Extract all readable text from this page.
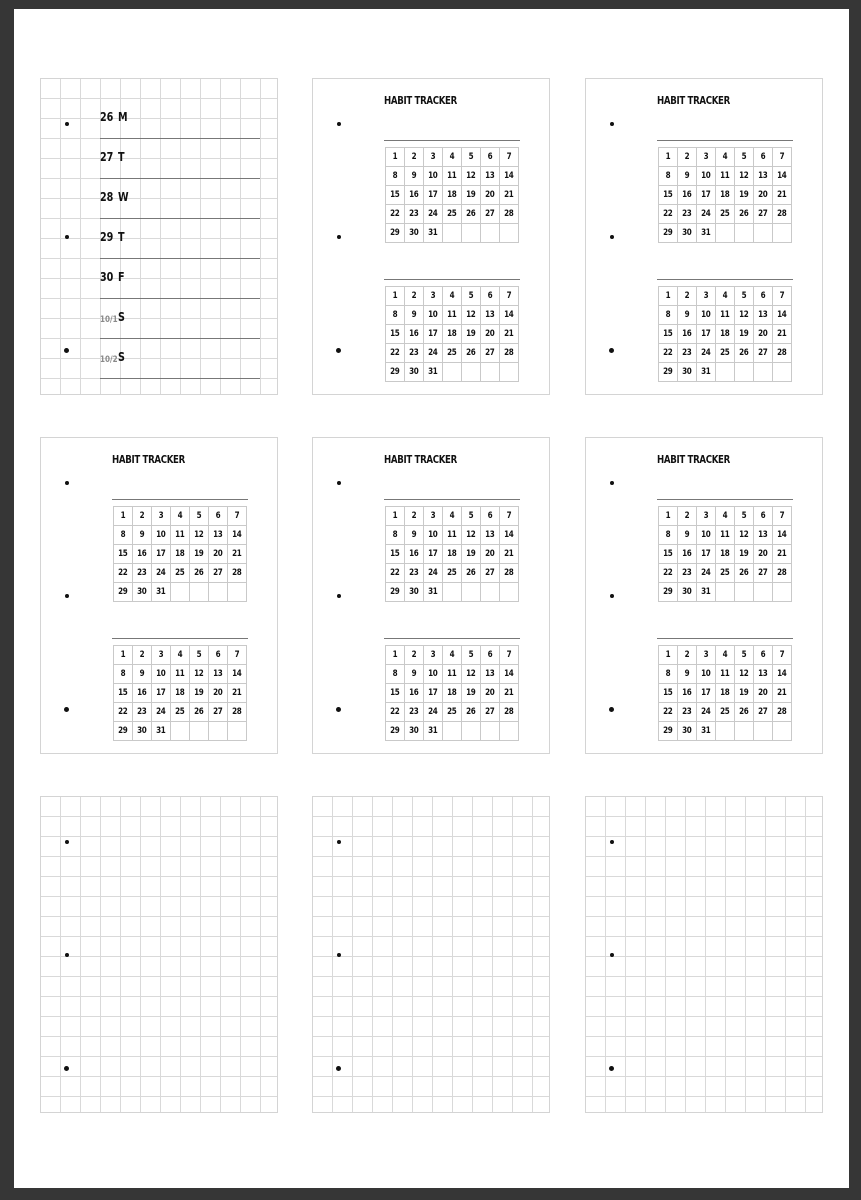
26 M
27 T
28 W
29 T
30 F
10/1 S
10/2 S
HABIT TRACKER
1	2	3	4	5	6	7
8	9	10	11	12	13	14
15	16	17	18	19	20	21
22	23	24	25	26	27	28
29	30	31				
1	2	3	4	5	6	7
8	9	10	11	12	13	14
15	16	17	18	19	20	21
22	23	24	25	26	27	28
29	30	31				
HABIT TRACKER
1	2	3	4	5	6	7
8	9	10	11	12	13	14
15	16	17	18	19	20	21
22	23	24	25	26	27	28
29	30	31				
1	2	3	4	5	6	7
8	9	10	11	12	13	14
15	16	17	18	19	20	21
22	23	24	25	26	27	28
29	30	31				
HABIT TRACKER
1	2	3	4	5	6	7
8	9	10	11	12	13	14
15	16	17	18	19	20	21
22	23	24	25	26	27	28
29	30	31				
1	2	3	4	5	6	7
8	9	10	11	12	13	14
15	16	17	18	19	20	21
22	23	24	25	26	27	28
29	30	31				
HABIT TRACKER
1	2	3	4	5	6	7
8	9	10	11	12	13	14
15	16	17	18	19	20	21
22	23	24	25	26	27	28
29	30	31				
1	2	3	4	5	6	7
8	9	10	11	12	13	14
15	16	17	18	19	20	21
22	23	24	25	26	27	28
29	30	31				
HABIT TRACKER
1	2	3	4	5	6	7
8	9	10	11	12	13	14
15	16	17	18	19	20	21
22	23	24	25	26	27	28
29	30	31				
1	2	3	4	5	6	7
8	9	10	11	12	13	14
15	16	17	18	19	20	21
22	23	24	25	26	27	28
29	30	31				
